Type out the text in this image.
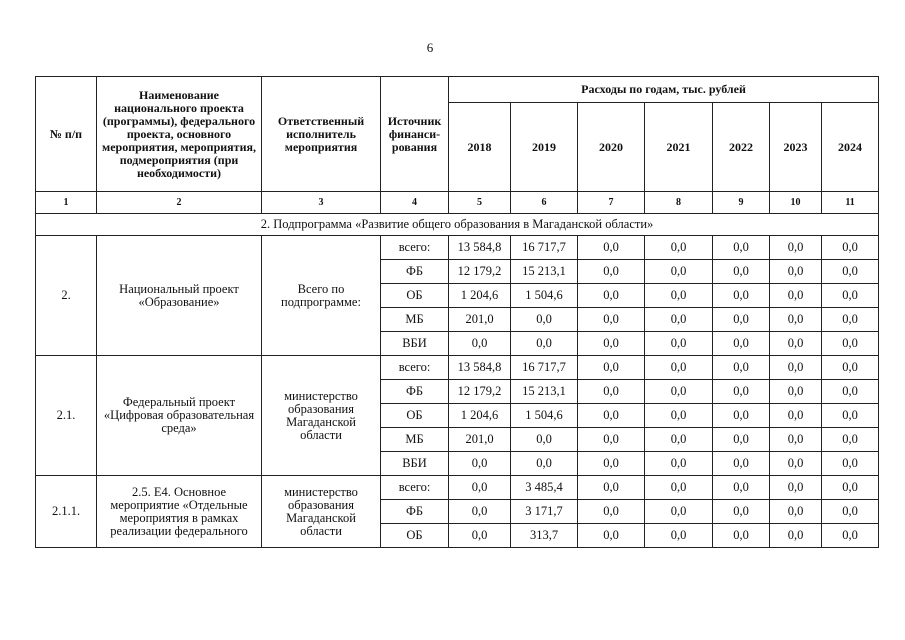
6
№ п/п	Наименование национального проекта (программы), федерального проекта, основного мероприятия, мероприятия, подмероприятия (при необходимости)	Ответственный исполнитель мероприятия	Источник финанси-рования	Расходы по годам, тыс. рублей						
				2018	2019	2020	2021	2022	2023	2024
1	2	3	4	5	6	7	8	9	10	11
2. Подпрограмма «Развитие общего образования в Магаданской области»										
2.	Национальный проект «Образование»	Всего по подпрограмме:	всего:	13 584,8	16 717,7	0,0	0,0	0,0	0,0	0,0
			ФБ	12 179,2	15 213,1	0,0	0,0	0,0	0,0	0,0
			ОБ	1 204,6	1 504,6	0,0	0,0	0,0	0,0	0,0
			МБ	201,0	0,0	0,0	0,0	0,0	0,0	0,0
			ВБИ	0,0	0,0	0,0	0,0	0,0	0,0	0,0
2.1.	Федеральный проект «Цифровая образовательная среда»	министерство образования Магаданской области	всего:	13 584,8	16 717,7	0,0	0,0	0,0	0,0	0,0
			ФБ	12 179,2	15 213,1	0,0	0,0	0,0	0,0	0,0
			ОБ	1 204,6	1 504,6	0,0	0,0	0,0	0,0	0,0
			МБ	201,0	0,0	0,0	0,0	0,0	0,0	0,0
			ВБИ	0,0	0,0	0,0	0,0	0,0	0,0	0,0
2.1.1.	2.5. Е4. Основное мероприятие «Отдельные мероприятия в рамках реализации федерального	министерство образования Магаданской области	всего:	0,0	3 485,4	0,0	0,0	0,0	0,0	0,0
			ФБ	0,0	3 171,7	0,0	0,0	0,0	0,0	0,0
			ОБ	0,0	313,7	0,0	0,0	0,0	0,0	0,0
